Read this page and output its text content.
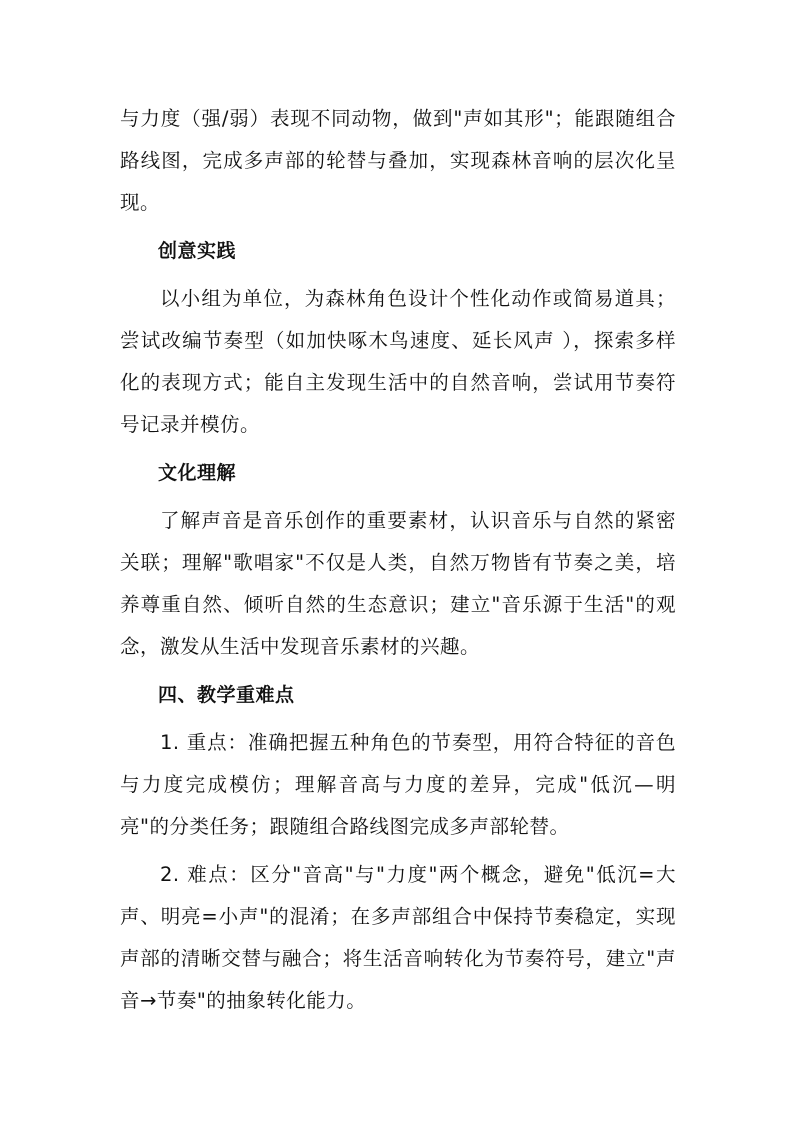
与力度（强/弱）表现不同动物，做到"声如其形"；能跟随组合路线图，完成多声部的轮替与叠加，实现森林音响的层次化呈现。

创意实践

以小组为单位，为森林角色设计个性化动作或简易道具；尝试改编节奏型（如加快啄木鸟速度、延长风声 ），探索多样化的表现方式；能自主发现生活中的自然音响，尝试用节奏符号记录并模仿。

文化理解

了解声音是音乐创作的重要素材，认识音乐与自然的紧密关联；理解"歌唱家"不仅是人类，自然万物皆有节奏之美，培养尊重自然、倾听自然的生态意识；建立"音乐源于生活"的观念，激发从生活中发现音乐素材的兴趣。

四、教学重难点

1. 重点：准确把握五种角色的节奏型，用符合特征的音色与力度完成模仿；理解音高与力度的差异，完成"低沉—明亮"的分类任务；跟随组合路线图完成多声部轮替。

2. 难点：区分"音高"与"力度"两个概念，避免"低沉=大声、明亮=小声"的混淆；在多声部组合中保持节奏稳定，实现声部的清晰交替与融合；将生活音响转化为节奏符号，建立"声音→节奏"的抽象转化能力。
